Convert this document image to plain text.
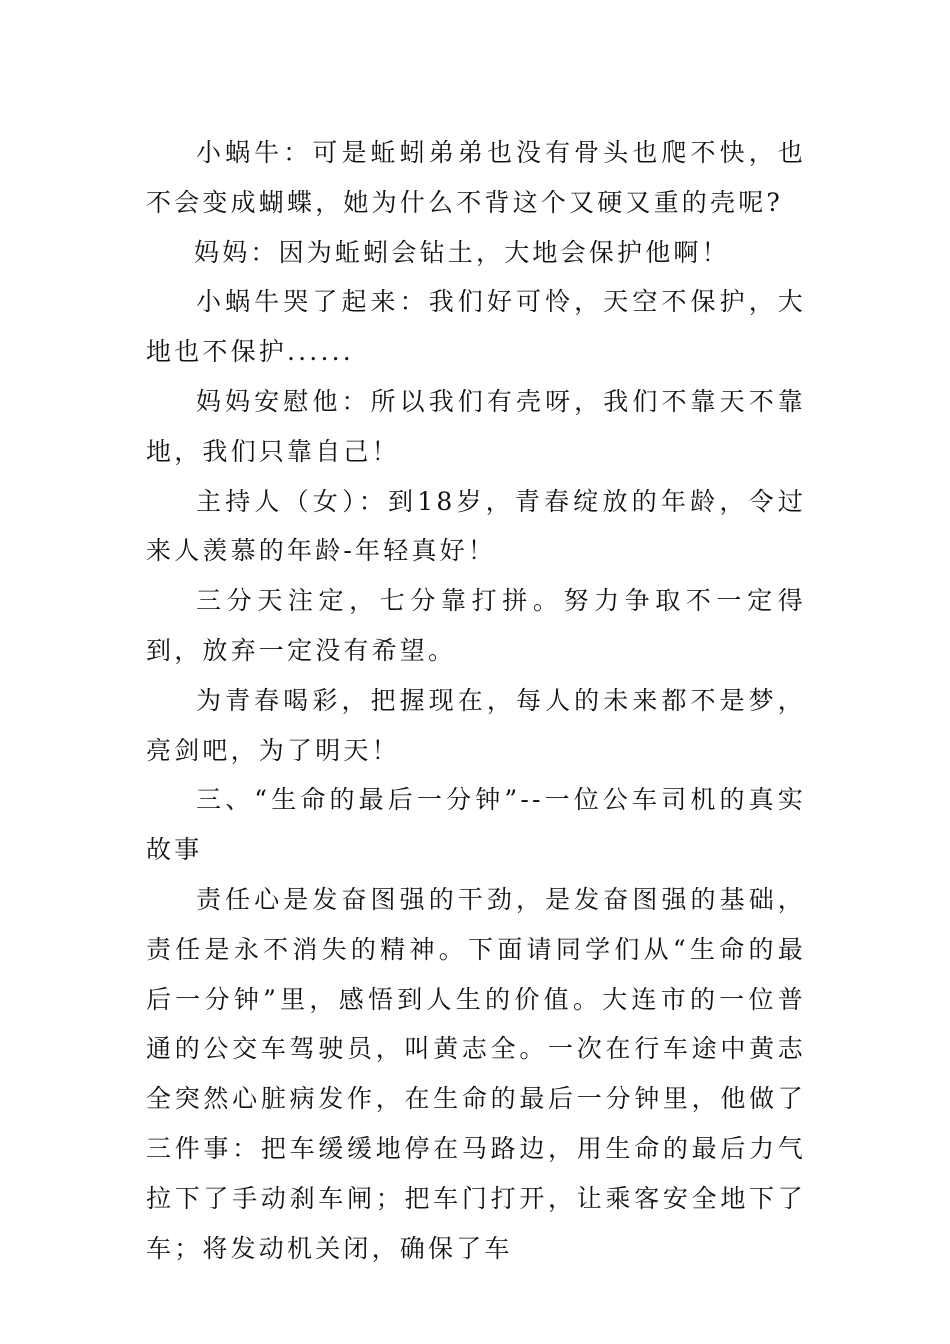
小蜗牛：可是蚯蚓弟弟也没有骨头也爬不快，也不会变成蝴蝶，她为什么不背这个又硬又重的壳呢?

妈妈：因为蚯蚓会钻土，大地会保护他啊！

小蜗牛哭了起来：我们好可怜，天空不保护，大地也不保护......

妈妈安慰他：所以我们有壳呀，我们不靠天不靠地，我们只靠自己！

主持人（女）：到18岁，青春绽放的年龄，令过来人羡慕的年龄-年轻真好！

三分天注定，七分靠打拼。努力争取不一定得到，放弃一定没有希望。

为青春喝彩，把握现在，每人的未来都不是梦，亮剑吧，为了明天！

三、“生命的最后一分钟”--一位公车司机的真实故事

责任心是发奋图强的干劲，是发奋图强的基础，责任是永不消失的精神。下面请同学们从“生命的最后一分钟”里，感悟到人生的价值。大连市的一位普通的公交车驾驶员，叫黄志全。一次在行车途中黄志全突然心脏病发作，在生命的最后一分钟里，他做了三件事：把车缓缓地停在马路边，用生命的最后力气拉下了手动刹车闸；把车门打开，让乘客安全地下了车；将发动机关闭，确保了车
